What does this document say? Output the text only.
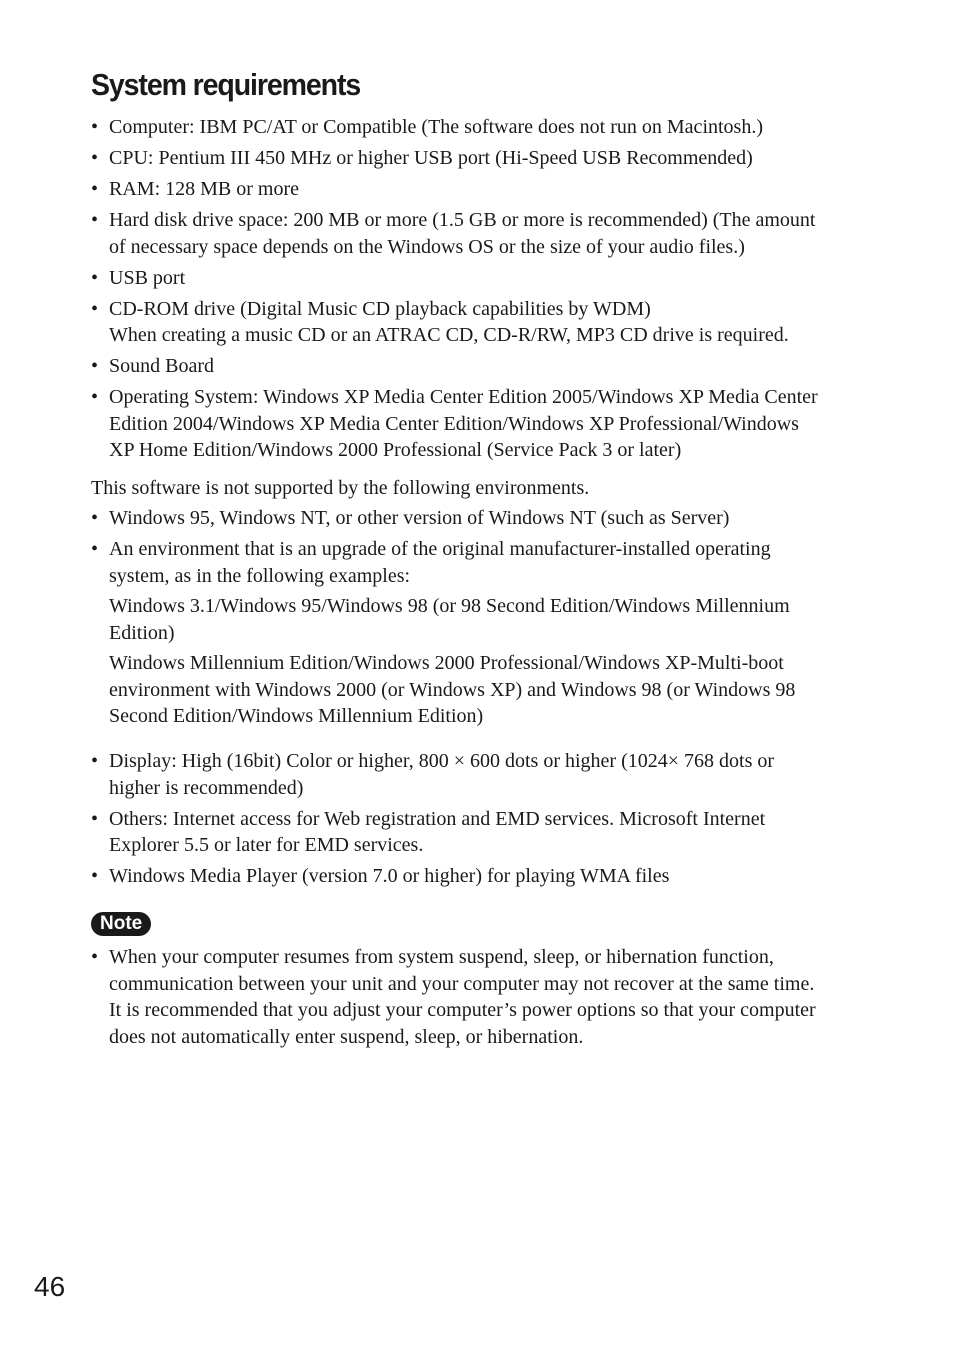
System requirements
• Computer: IBM PC/AT or Compatible (The software does not run on Macintosh.)
• CPU: Pentium III 450 MHz or higher USB port (Hi-Speed USB Recommended)
• RAM: 128 MB or more
• Hard disk drive space: 200 MB or more (1.5 GB or more is recommended) (The amount
of necessary space depends on the Windows OS or the size of your audio files.)
• USB port
• CD-ROM drive (Digital Music CD playback capabilities by WDM)
When creating a music CD or an ATRAC CD, CD-R/RW, MP3 CD drive is required.
• Sound Board
• Operating System: Windows XP Media Center Edition 2005/Windows XP Media Center
Edition 2004/Windows XP Media Center Edition/Windows XP Professional/Windows
XP Home Edition/Windows 2000 Professional (Service Pack 3 or later)
This software is not supported by the following environments.
• Windows 95, Windows NT, or other version of Windows NT (such as Server)
• An environment that is an upgrade of the original manufacturer-installed operating
system, as in the following examples:
Windows 3.1/Windows 95/Windows 98 (or 98 Second Edition/Windows Millennium
Edition)
Windows Millennium Edition/Windows 2000 Professional/Windows XP-Multi-boot
environment with Windows 2000 (or Windows XP) and Windows 98 (or Windows 98
Second Edition/Windows Millennium Edition)
• Display: High (16bit) Color or higher, 800 × 600 dots or higher (1024× 768 dots or
higher is recommended)
• Others: Internet access for Web registration and EMD services. Microsoft Internet
Explorer 5.5 or later for EMD services.
• Windows Media Player (version 7.0 or higher) for playing WMA files
Note
• When your computer resumes from system suspend, sleep, or hibernation function,
communication between your unit and your computer may not recover at the same time.
It is recommended that you adjust your computer’s power options so that your computer
does not automatically enter suspend, sleep, or hibernation.
46
